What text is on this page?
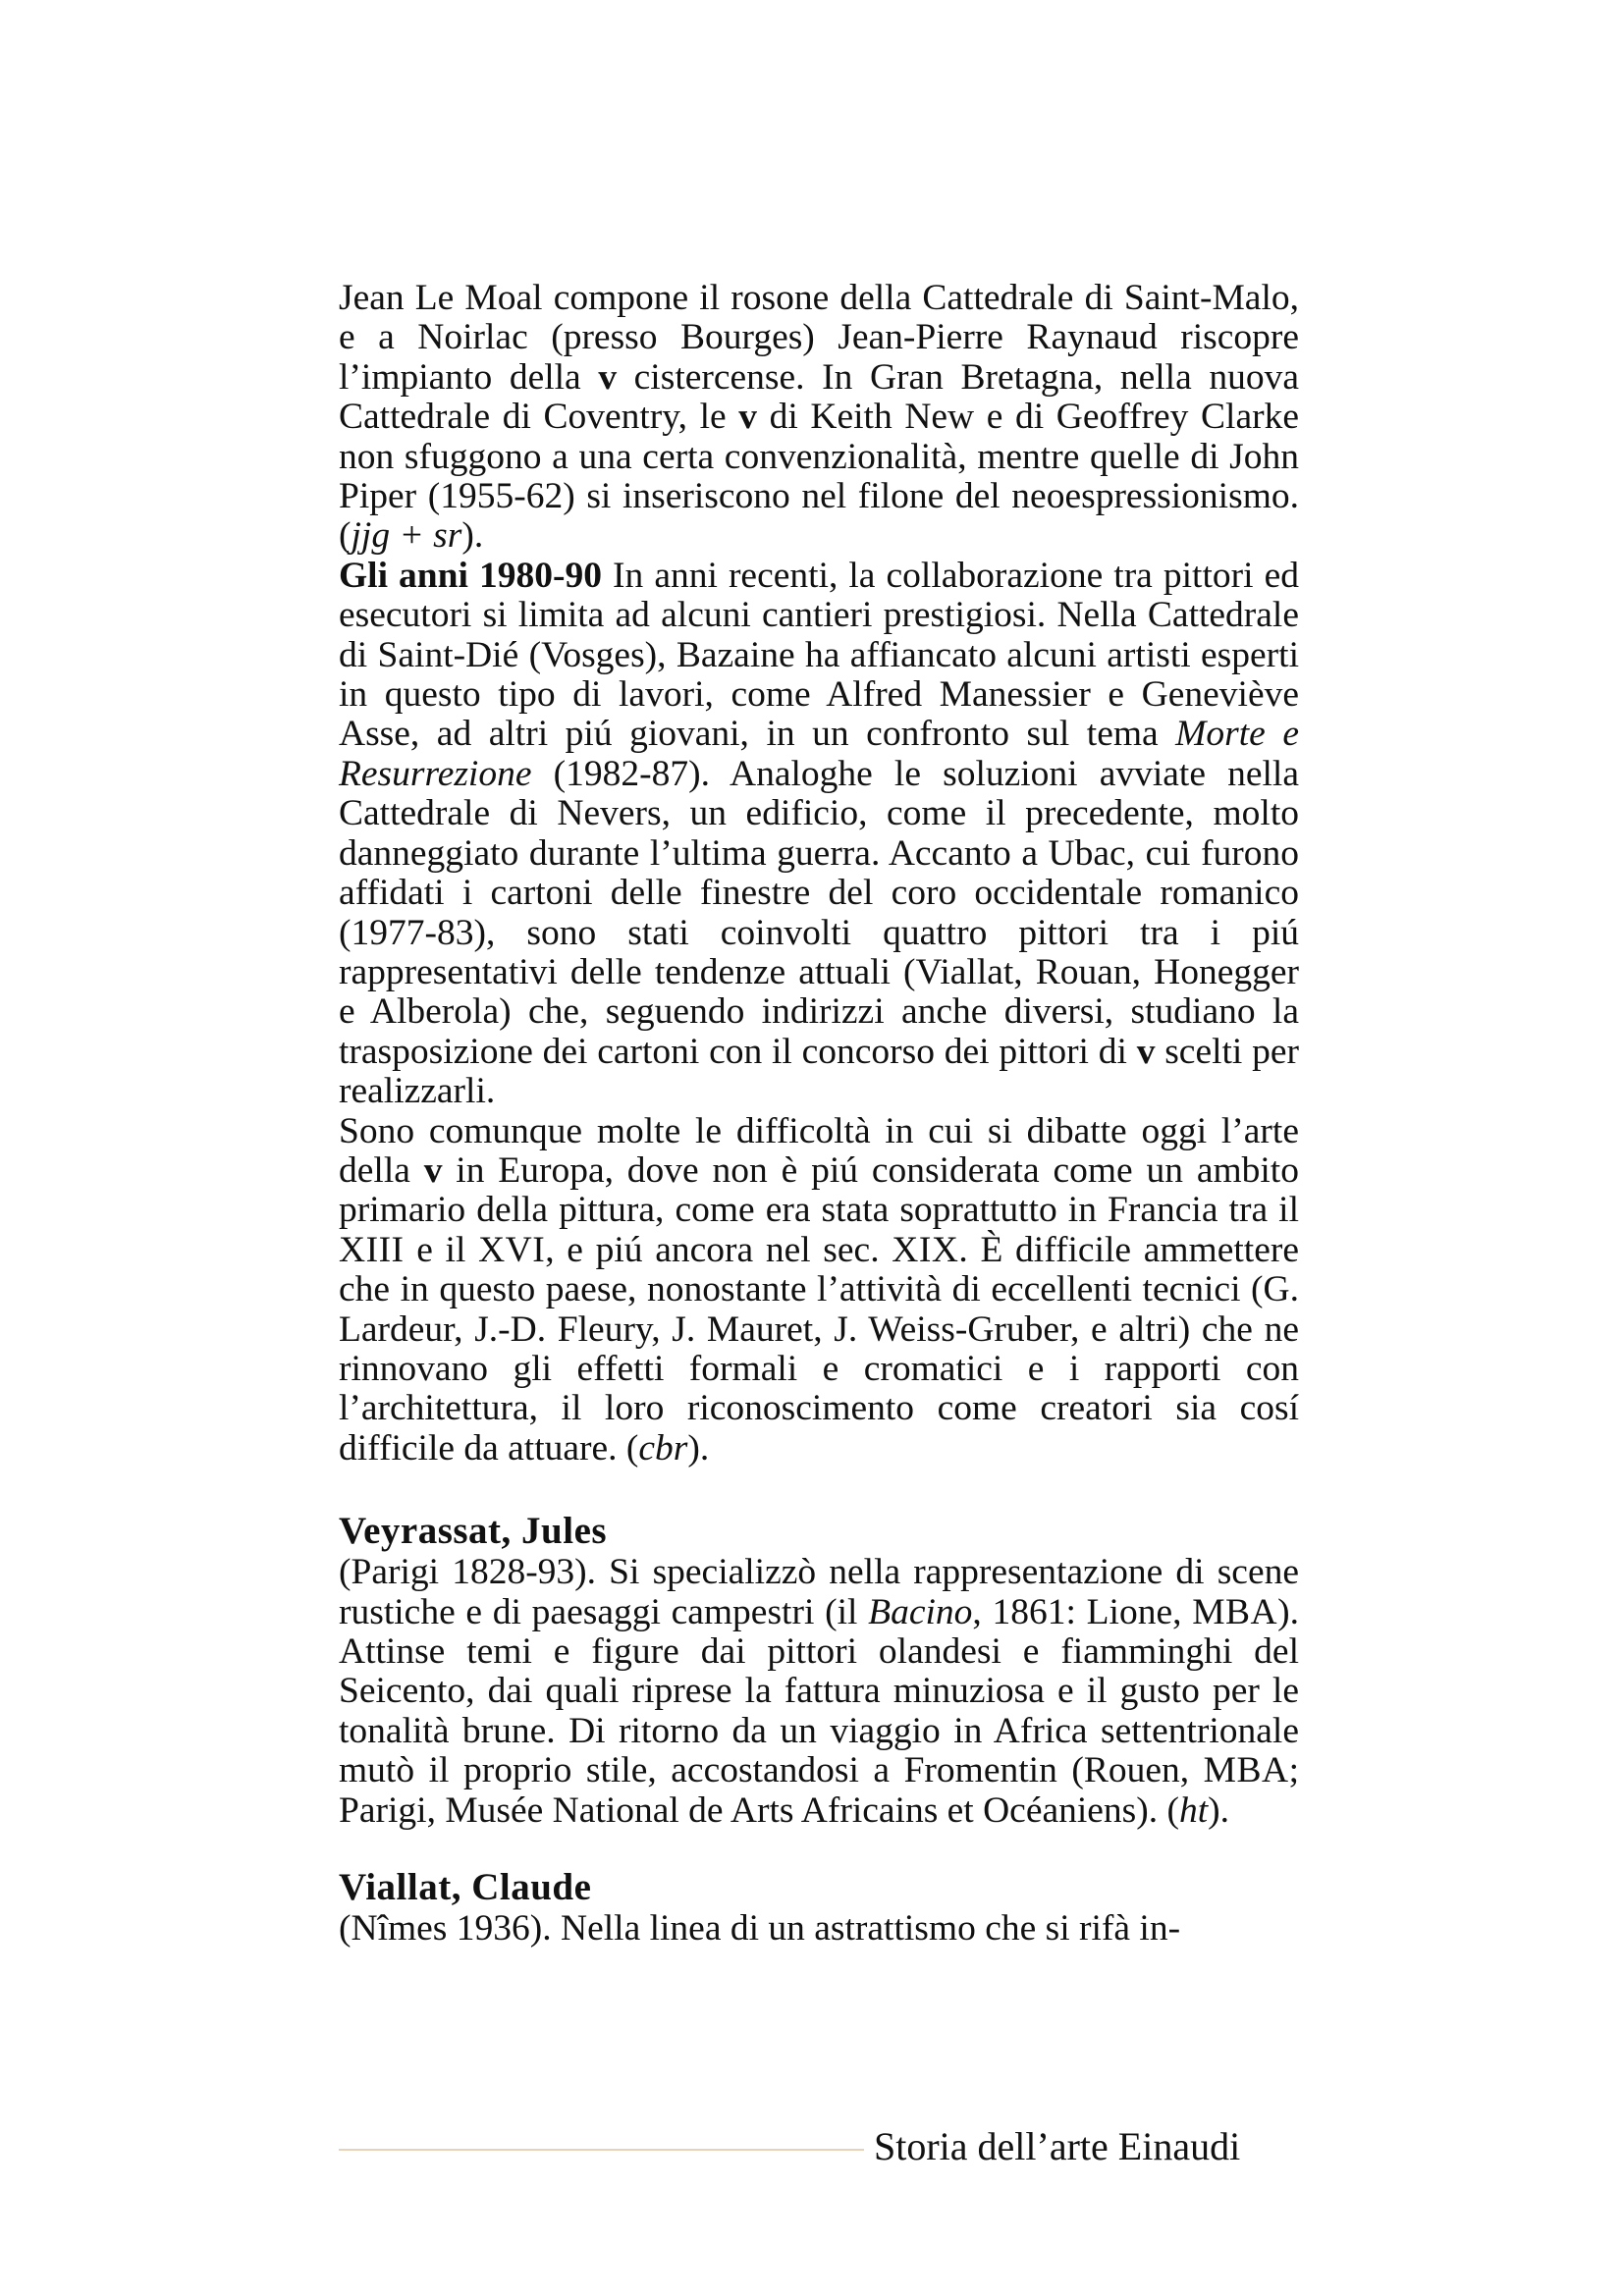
Jean Le Moal compone il rosone della Cattedrale di Saint-Malo, e a Noirlac (presso Bourges) Jean-Pierre Raynaud riscopre l’impianto della v cistercense. In Gran Bretagna, nella nuova Cattedrale di Coventry, le v di Keith New e di Geoffrey Clarke non sfuggono a una certa convenzionalità, mentre quelle di John Piper (1955-62) si inseriscono nel filone del neoespressionismo. (jjg + sr).

Gli anni 1980-90 In anni recenti, la collaborazione tra pittori ed esecutori si limita ad alcuni cantieri prestigiosi. Nella Cattedrale di Saint-Dié (Vosges), Bazaine ha affiancato alcuni artisti esperti in questo tipo di lavori, come Alfred Manessier e Geneviève Asse, ad altri piú giovani, in un confronto sul tema Morte e Resurrezione (1982-87). Analoghe le soluzioni avviate nella Cattedrale di Nevers, un edificio, come il precedente, molto danneggiato durante l’ultima guerra. Accanto a Ubac, cui furono affidati i cartoni delle finestre del coro occidentale romanico (1977-83), sono stati coinvolti quattro pittori tra i piú rappresentativi delle tendenze attuali (Viallat, Rouan, Honegger e Alberola) che, seguendo indirizzi anche diversi, studiano la trasposizione dei cartoni con il concorso dei pittori di v scelti per realizzarli.

Sono comunque molte le difficoltà in cui si dibatte oggi l’arte della v in Europa, dove non è piú considerata come un ambito primario della pittura, come era stata soprattutto in Francia tra il XIII e il XVI, e piú ancora nel sec. XIX. È difficile ammettere che in questo paese, nonostante l’attività di eccellenti tecnici (G. Lardeur, J.-D. Fleury, J. Mauret, J. Weiss-Gruber, e altri) che ne rinnovano gli effetti formali e cromatici e i rapporti con l’architettura, il loro riconoscimento come creatori sia cosí difficile da attuare. (cbr).

Veyrassat, Jules

(Parigi 1828-93). Si specializzò nella rappresentazione di scene rustiche e di paesaggi campestri (il Bacino, 1861: Lione, MBA). Attinse temi e figure dai pittori olandesi e fiamminghi del Seicento, dai quali riprese la fattura minuziosa e il gusto per le tonalità brune. Di ritorno da un viaggio in Africa settentrionale mutò il proprio stile, accostandosi a Fromentin (Rouen, MBA; Parigi, Musée National de Arts Africains et Océaniens). (ht).

Viallat, Claude

(Nîmes 1936). Nella linea di un astrattismo che si rifà in-

Storia dell’arte Einaudi
